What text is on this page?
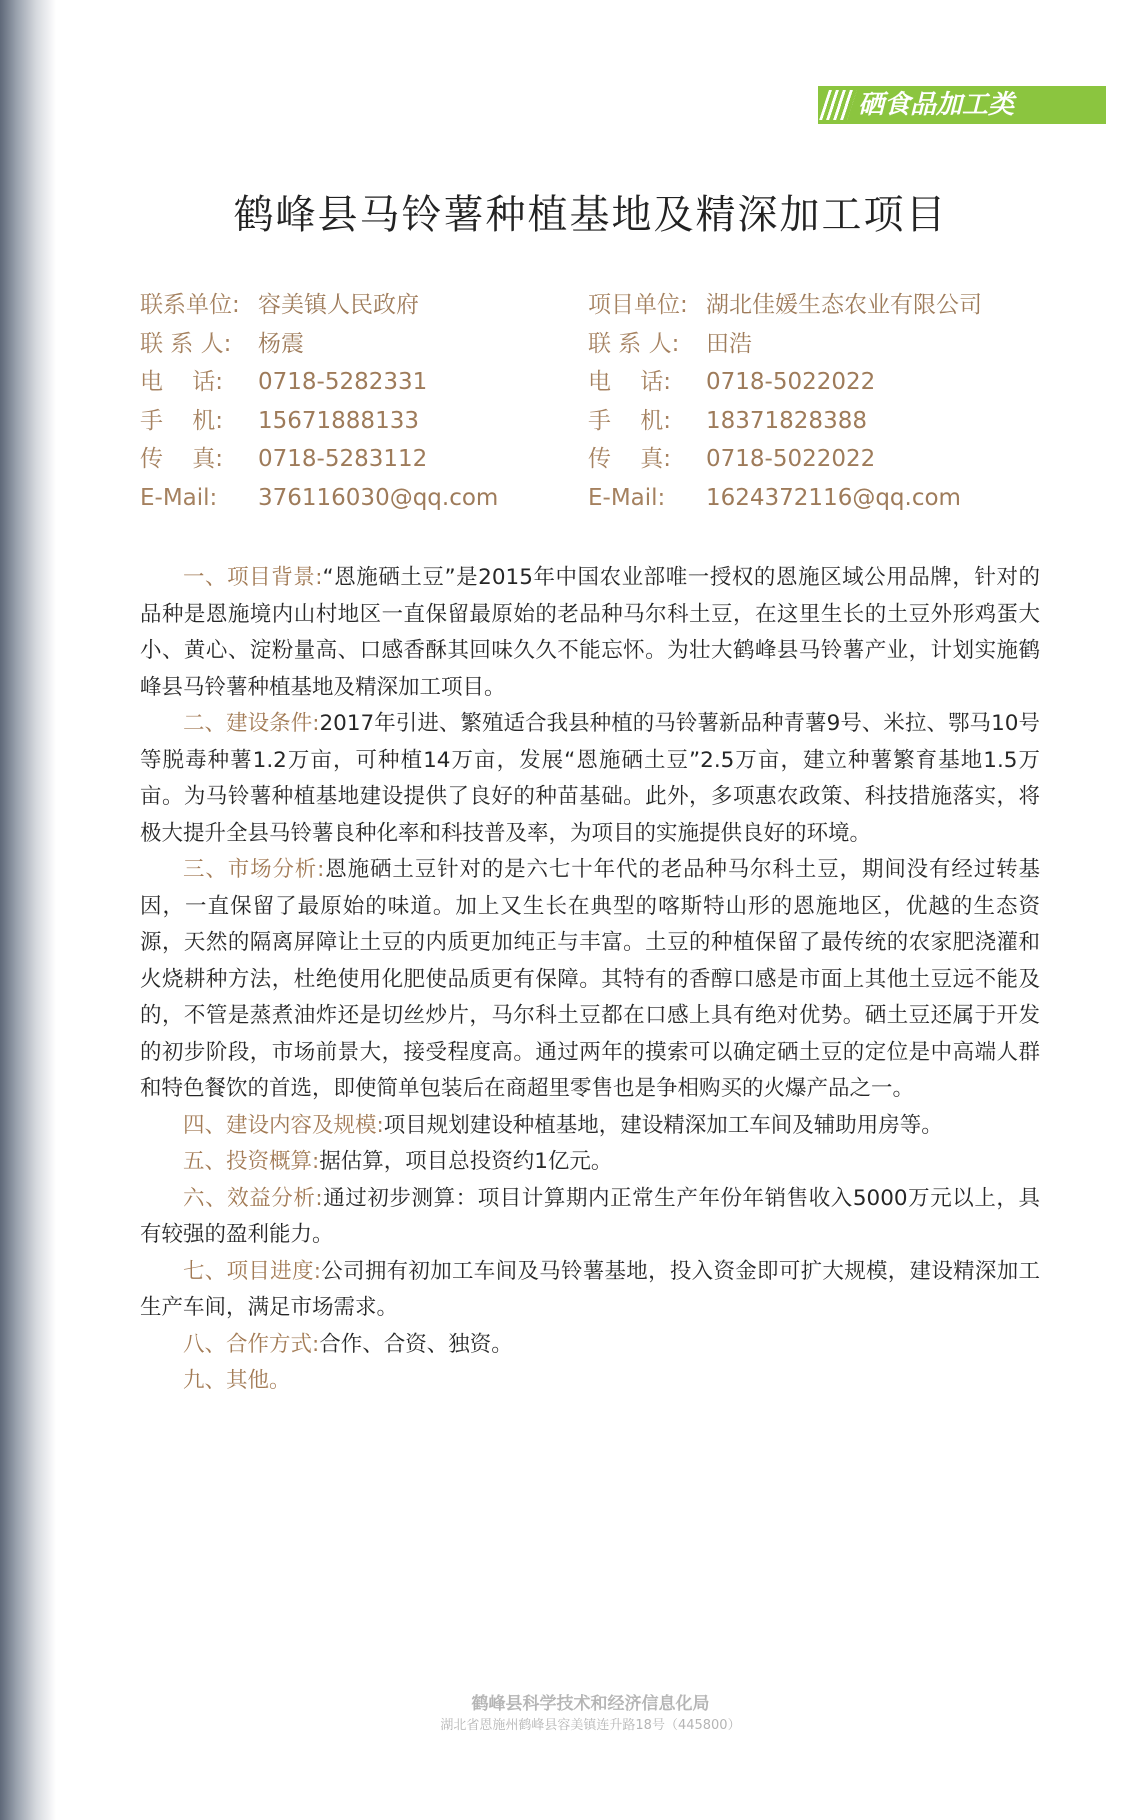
硒食品加工类
鹤峰县马铃薯种植基地及精深加工项目
联系单位: 容美镇人民政府
联 系 人: 杨震
电    话: 0718-5282331
手    机: 15671888133
传    真: 0718-5283112
E-Mail: 376116030@qq.com
项目单位: 湖北佳媛生态农业有限公司
联 系 人: 田浩
电    话: 0718-5022022
手    机: 18371828388
传    真: 0718-5022022
E-Mail: 1624372116@qq.com

一、项目背景:“恩施硒土豆”是2015年中国农业部唯一授权的恩施区域公用品牌，针对的品种是恩施境内山村地区一直保留最原始的老品种马尔科土豆，在这里生长的土豆外形鸡蛋大小、黄心、淀粉量高、口感香酥其回味久久不能忘怀。为壮大鹤峰县马铃薯产业，计划实施鹤峰县马铃薯种植基地及精深加工项目。

二、建设条件:2017年引进、繁殖适合我县种植的马铃薯新品种青薯9号、米拉、鄂马10号等脱毒种薯1.2万亩，可种植14万亩，发展“恩施硒土豆”2.5万亩，建立种薯繁育基地1.5万亩。为马铃薯种植基地建设提供了良好的种苗基础。此外，多项惠农政策、科技措施落实，将极大提升全县马铃薯良种化率和科技普及率，为项目的实施提供良好的环境。

三、市场分析:恩施硒土豆针对的是六七十年代的老品种马尔科土豆，期间没有经过转基因，一直保留了最原始的味道。加上又生长在典型的喀斯特山形的恩施地区，优越的生态资源，天然的隔离屏障让土豆的内质更加纯正与丰富。土豆的种植保留了最传统的农家肥浇灌和火烧耕种方法，杜绝使用化肥使品质更有保障。其特有的香醇口感是市面上其他土豆远不能及的，不管是蒸煮油炸还是切丝炒片，马尔科土豆都在口感上具有绝对优势。硒土豆还属于开发的初步阶段，市场前景大，接受程度高。通过两年的摸索可以确定硒土豆的定位是中高端人群和特色餐饮的首选，即使简单包装后在商超里零售也是争相购买的火爆产品之一。

四、建设内容及规模:项目规划建设种植基地，建设精深加工车间及辅助用房等。

五、投资概算:据估算，项目总投资约1亿元。

六、效益分析:通过初步测算：项目计算期内正常生产年份年销售收入5000万元以上，具有较强的盈利能力。

七、项目进度:公司拥有初加工车间及马铃薯基地，投入资金即可扩大规模，建设精深加工生产车间，满足市场需求。

八、合作方式:合作、合资、独资。

九、其他。

鹤峰县科学技术和经济信息化局
湖北省恩施州鹤峰县容美镇连升路18号（445800）
